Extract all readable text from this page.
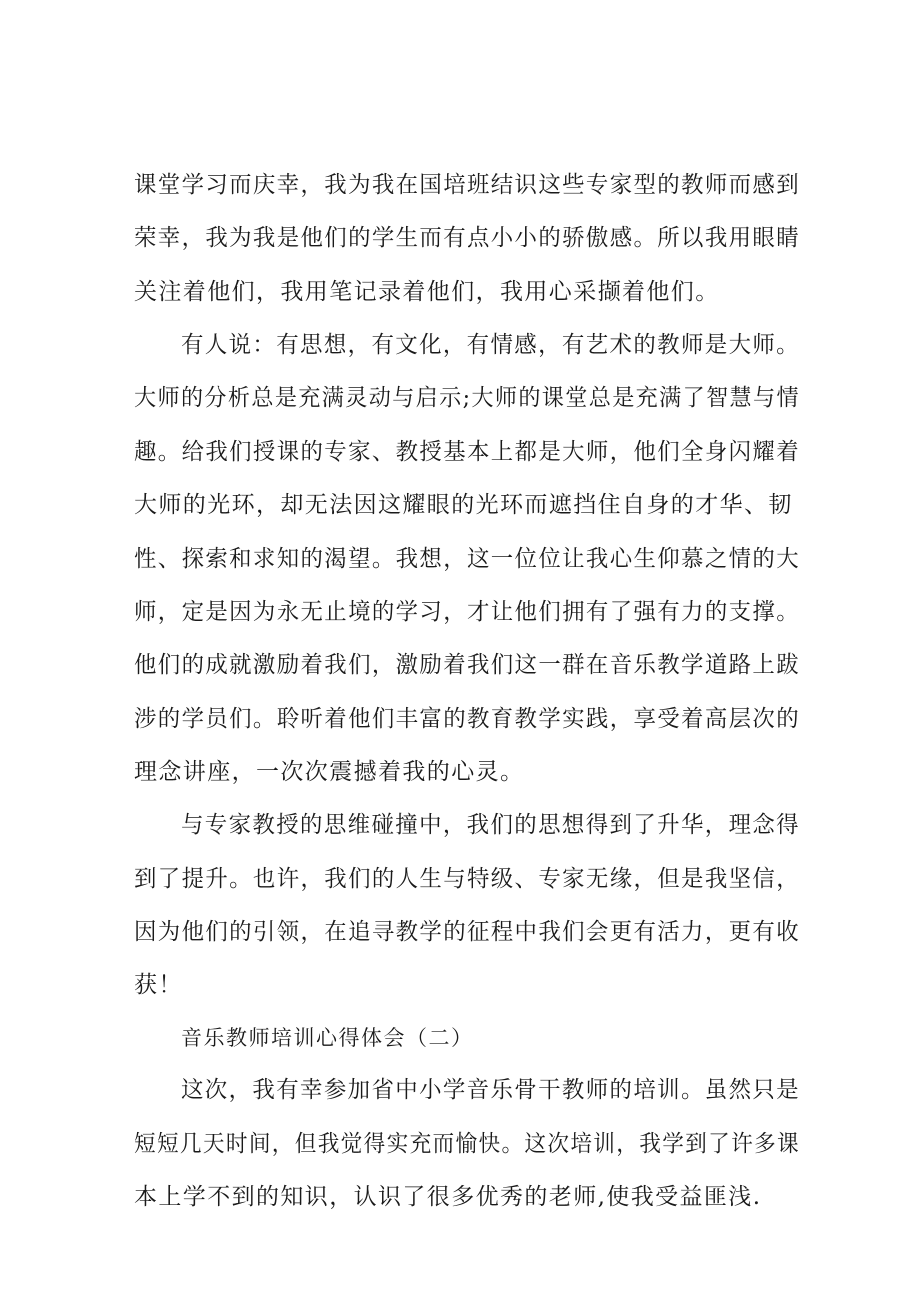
课堂学习而庆幸，我为我在国培班结识这些专家型的教师而感到
荣幸，我为我是他们的学生而有点小小的骄傲感。所以我用眼睛
关注着他们，我用笔记录着他们，我用心采撷着他们。
有人说：有思想，有文化，有情感，有艺术的教师是大师。
大师的分析总是充满灵动与启示;大师的课堂总是充满了智慧与情
趣。给我们授课的专家、教授基本上都是大师，他们全身闪耀着
大师的光环，却无法因这耀眼的光环而遮挡住自身的才华、韧
性、探索和求知的渴望。我想，这一位位让我心生仰慕之情的大
师，定是因为永无止境的学习，才让他们拥有了强有力的支撑。
他们的成就激励着我们，激励着我们这一群在音乐教学道路上跋
涉的学员们。聆听着他们丰富的教育教学实践，享受着高层次的
理念讲座，一次次震撼着我的心灵。
与专家教授的思维碰撞中，我们的思想得到了升华，理念得
到了提升。也许，我们的人生与特级、专家无缘，但是我坚信，
因为他们的引领，在追寻教学的征程中我们会更有活力，更有收
获！
音乐教师培训心得体会（二）
这次，我有幸参加省中小学音乐骨干教师的培训。虽然只是
短短几天时间，但我觉得实充而愉快。这次培训，我学到了许多课
本上学不到的知识，认识了很多优秀的老师,使我受益匪浅.
